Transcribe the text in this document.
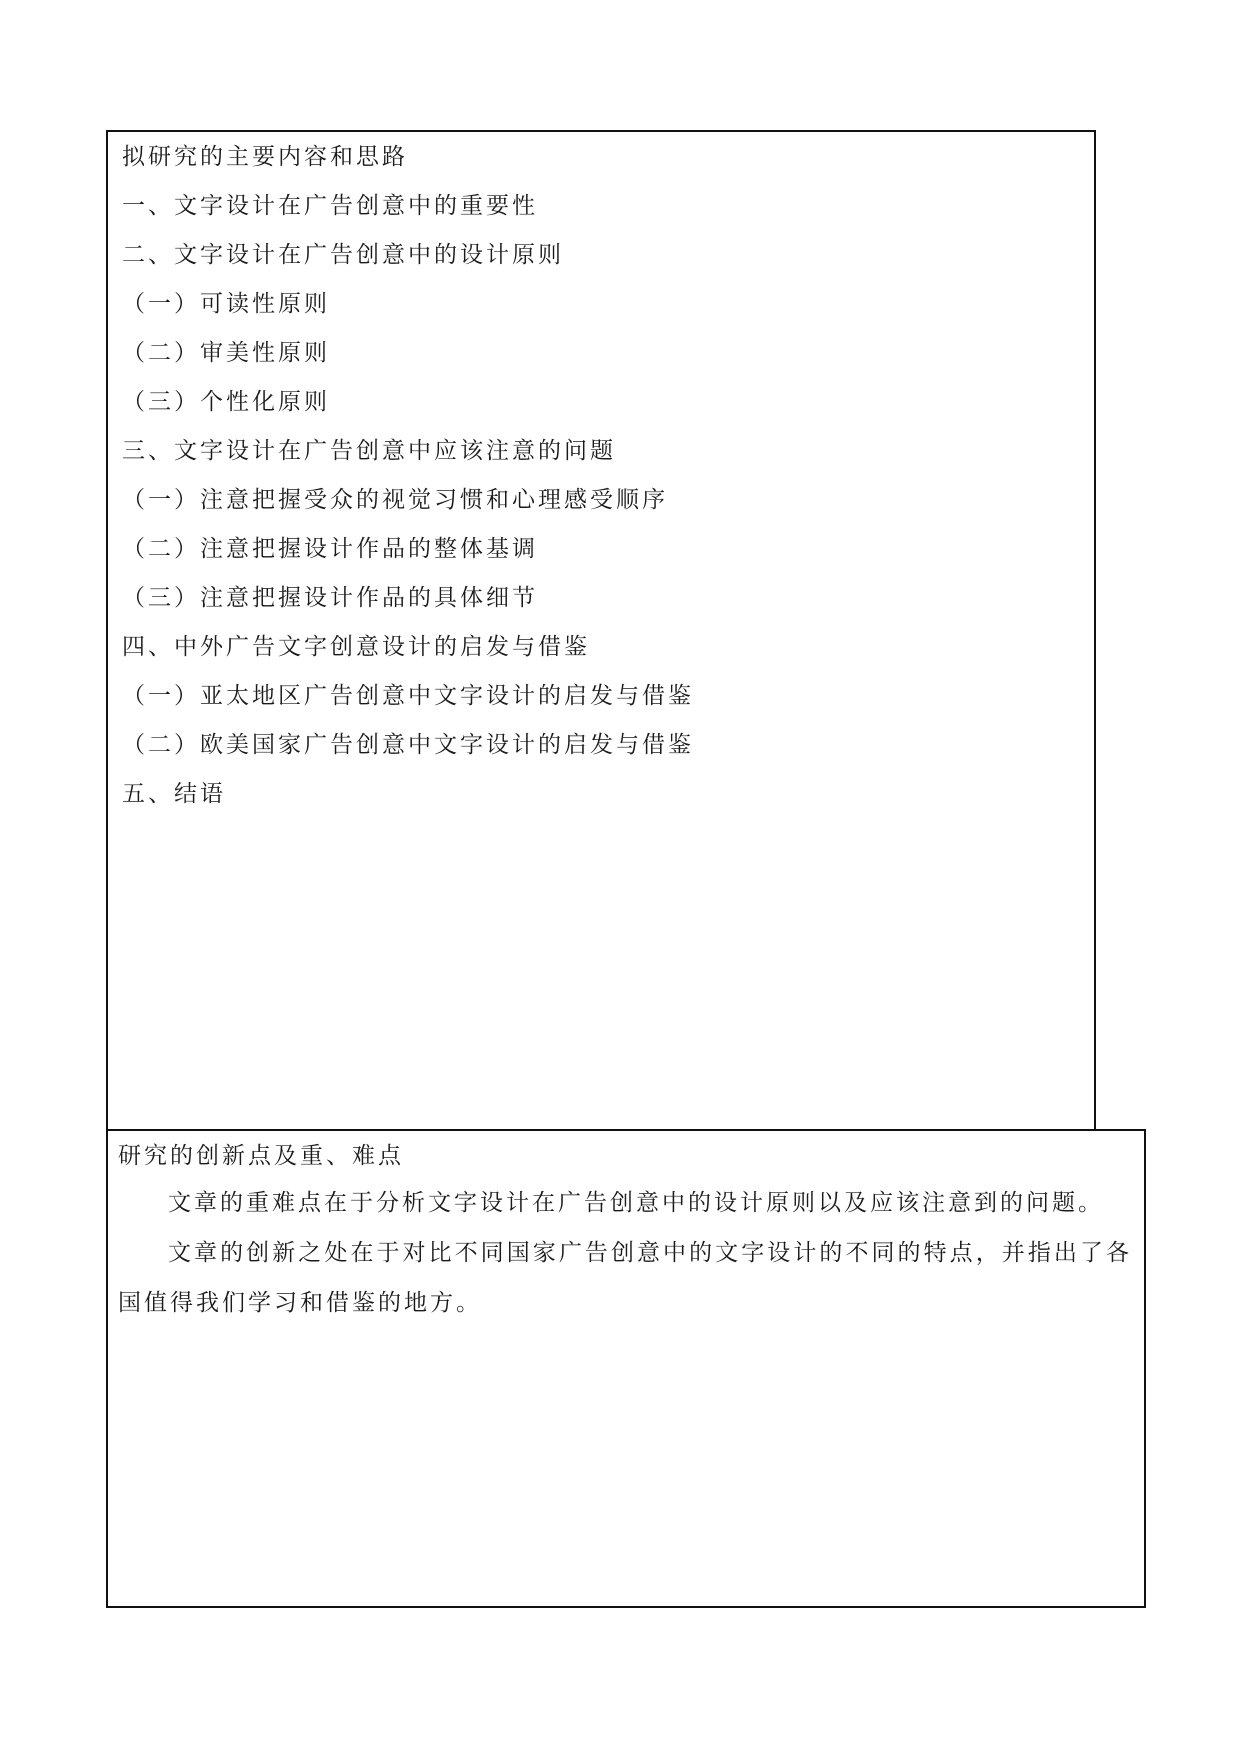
拟研究的主要内容和思路
一、文字设计在广告创意中的重要性
二、文字设计在广告创意中的设计原则
（一）可读性原则
（二）审美性原则
（三）个性化原则
三、文字设计在广告创意中应该注意的问题
（一）注意把握受众的视觉习惯和心理感受顺序
（二）注意把握设计作品的整体基调
（三）注意把握设计作品的具体细节
四、中外广告文字创意设计的启发与借鉴
（一）亚太地区广告创意中文字设计的启发与借鉴
（二）欧美国家广告创意中文字设计的启发与借鉴
五、结语
研究的创新点及重、难点
文章的重难点在于分析文字设计在广告创意中的设计原则以及应该注意到的问题。
文章的创新之处在于对比不同国家广告创意中的文字设计的不同的特点，并指出了各国值得我们学习和借鉴的地方。
